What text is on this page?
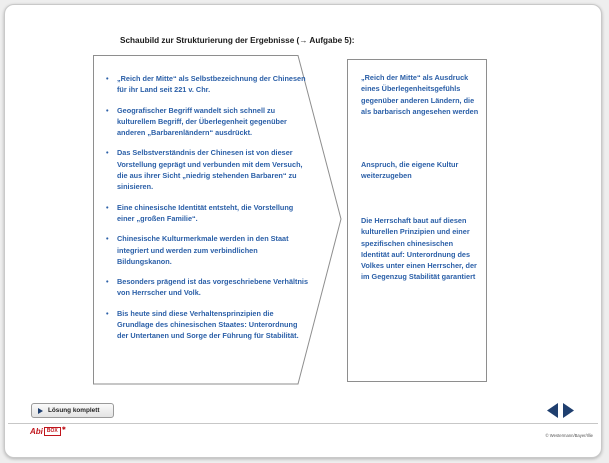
Schaubild zur Strukturierung der Ergebnisse (→ Aufgabe 5):
• „Reich der Mitte“ als Selbstbezeichnung der Chinesen für ihr Land seit 221 v. Chr.
• Geografischer Begriff wandelt sich schnell zu kulturellem Begriff, der Überlegenheit gegenüber anderen „Barbarenländern“ ausdrückt.
• Das Selbstverständnis der Chinesen ist von dieser Vorstellung geprägt und verbunden mit dem Versuch, die aus ihrer Sicht „niedrig stehenden Barbaren“ zu sinisieren.
• Eine chinesische Identität entsteht, die Vorstellung einer „großen Familie“.
• Chinesische Kulturmerkmale werden in den Staat integriert und werden zum verbindlichen Bildungskanon.
• Besonders prägend ist das vorgeschriebene Verhältnis von Herrscher und Volk.
• Bis heute sind diese Verhaltensprinzipien die Grundlage des chinesischen Staates: Unterordnung der Untertanen und Sorge der Führung für Stabilität.
„Reich der Mitte“ als Ausdruck eines Überlegenheitsgefühls gegenüber anderen Ländern, die als barbarisch angesehen werden
Anspruch, die eigene Kultur weiterzugeben
Die Herrschaft baut auf diesen kulturellen Prinzipien und einer spezifischen chinesischen Identität auf: Unterordnung des Volkes unter einen Herrscher, der im Gegenzug Stabilität garantiert
Lösung komplett
Abi BOX ✱
© Westermann/Bayer/Illie
